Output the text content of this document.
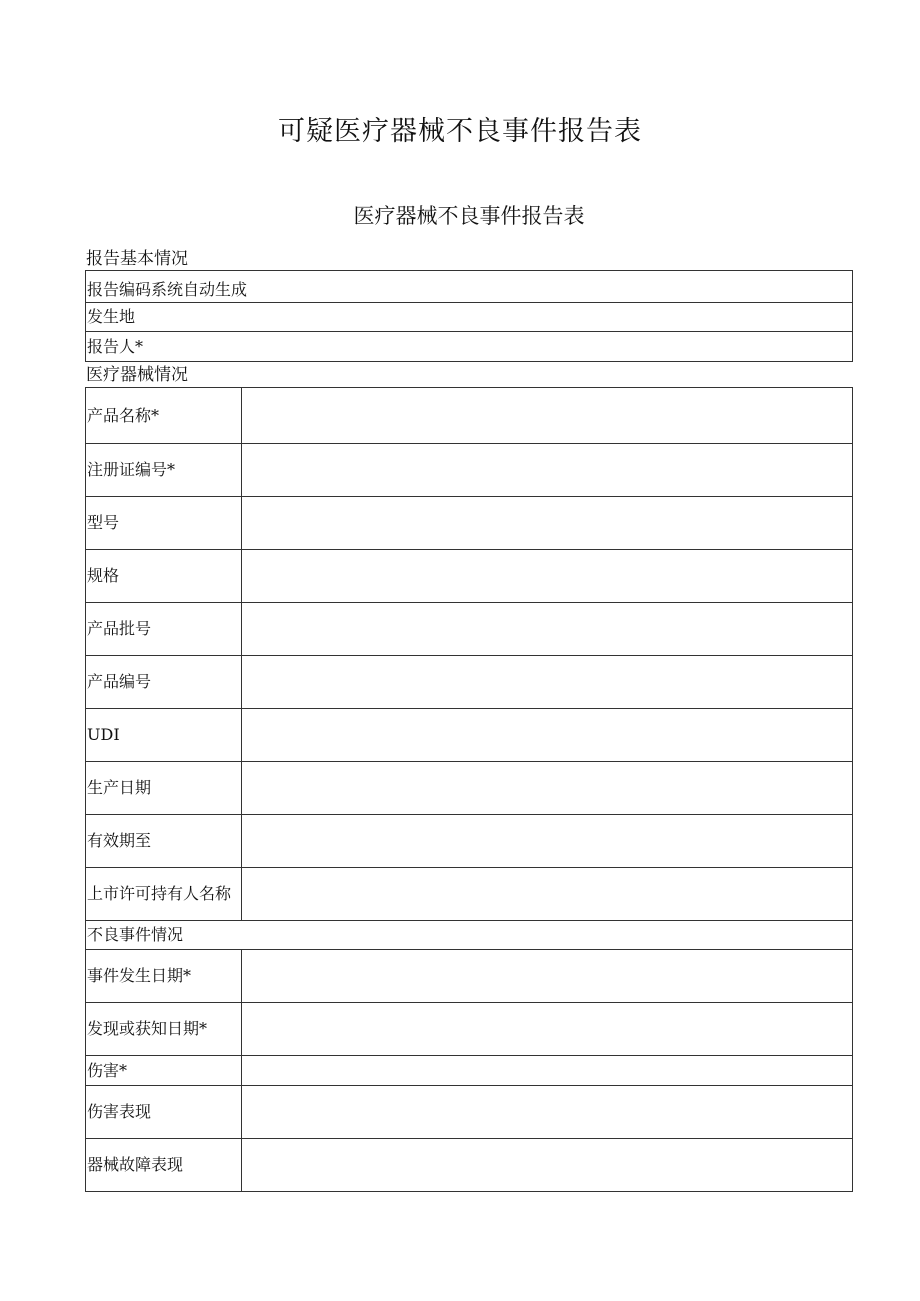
可疑医疗器械不良事件报告表
医疗器械不良事件报告表
报告基本情况
报告编码系统自动生成
发生地
报告人*
医疗器械情况
产品名称*	
注册证编号*	
型号	
规格	
产品批号	
产品编号	
UDI	
生产日期	
有效期至	
上市许可持有人名称	
不良事件情况	
事件发生日期*	
发现或获知日期*	
伤害*	
伤害表现	
器械故障表现	
